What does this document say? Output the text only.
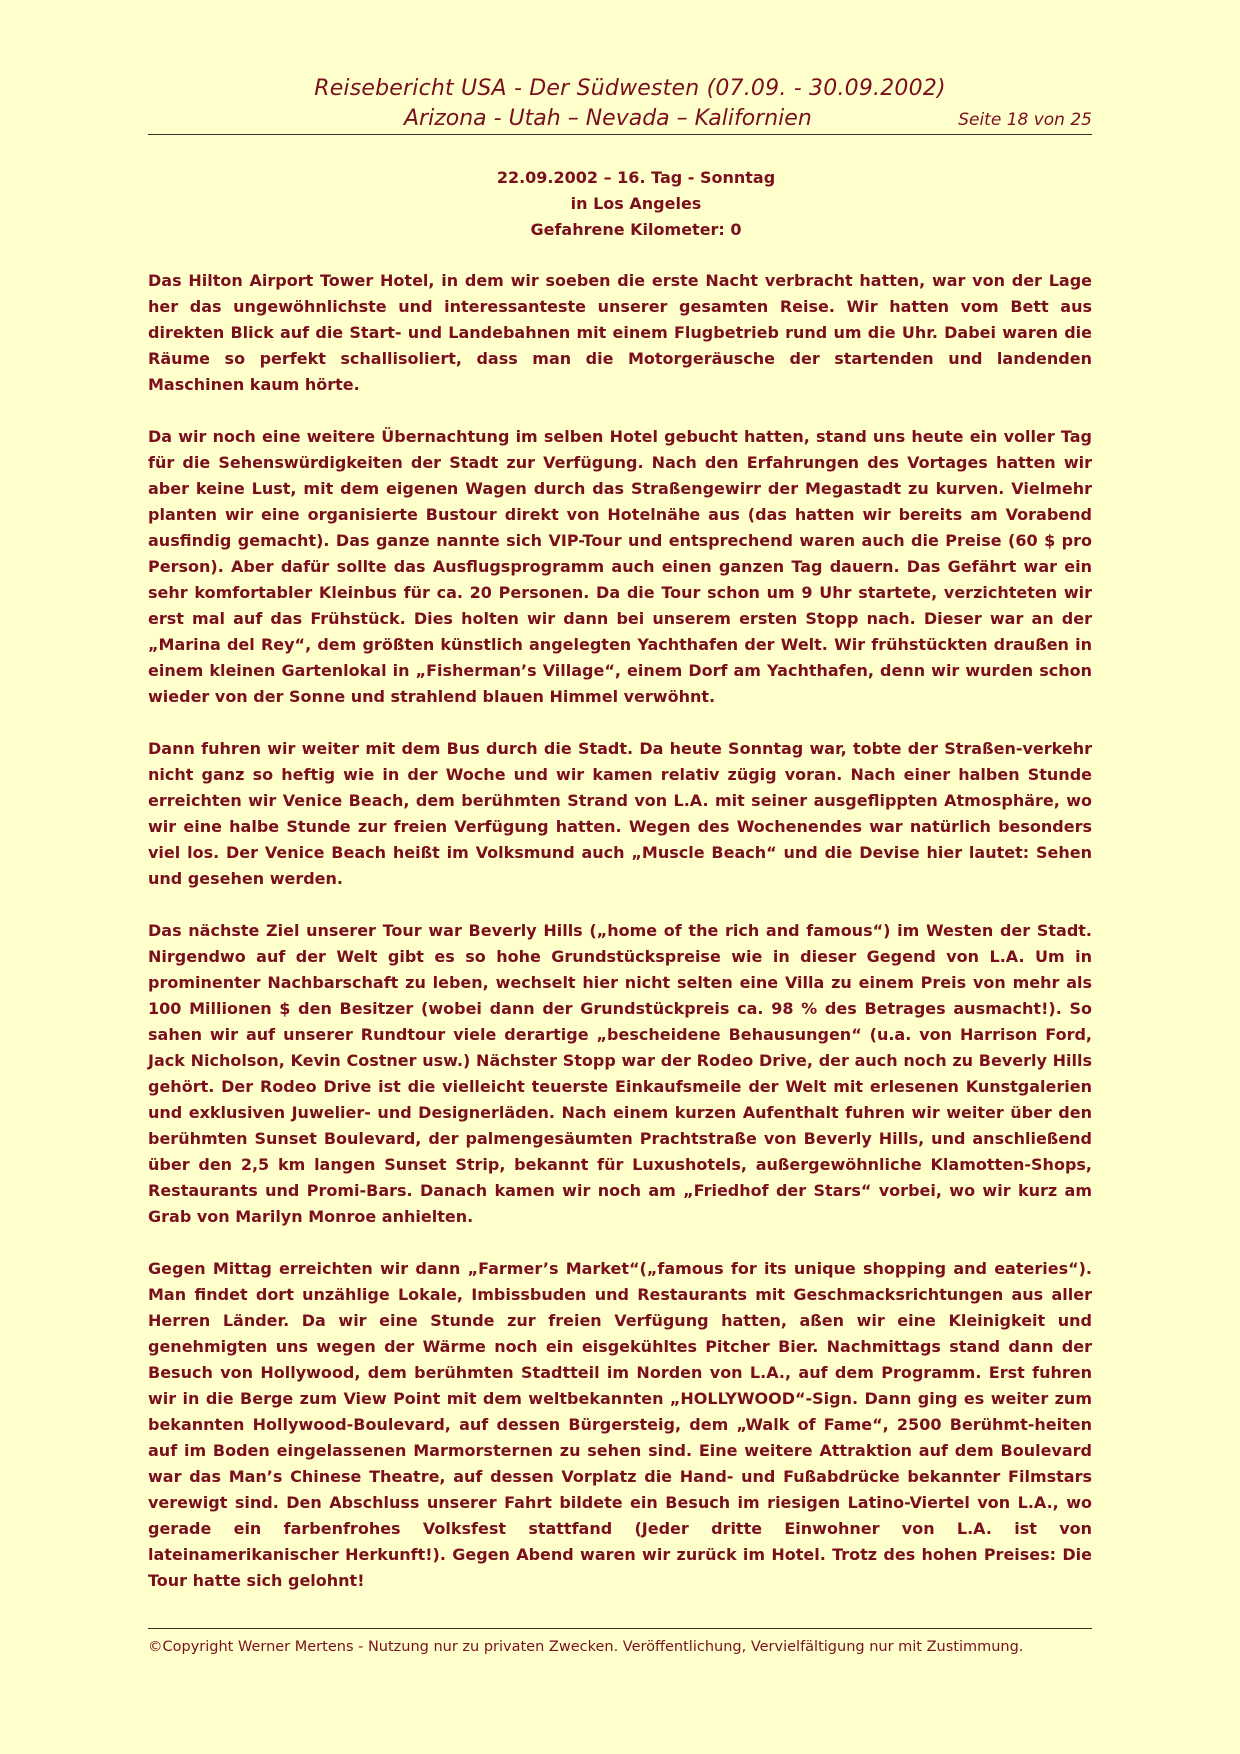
Reisebericht USA - Der Südwesten (07.09. - 30.09.2002)
Arizona - Utah – Nevada – Kalifornien	Seite 18 von 25
22.09.2002 – 16. Tag - Sonntag
in Los Angeles
Gefahrene Kilometer: 0

Das Hilton Airport Tower Hotel, in dem wir soeben die erste Nacht verbracht hatten, war von der Lage her das ungewöhnlichste und interessanteste unserer gesamten Reise. Wir hatten vom Bett aus direkten Blick auf die Start- und Landebahnen mit einem Flugbetrieb rund um die Uhr. Dabei waren die Räume so perfekt schallisoliert, dass man die Motorgeräusche der startenden und landenden Maschinen kaum hörte.

Da wir noch eine weitere Übernachtung im selben Hotel gebucht hatten, stand uns heute ein voller Tag für die Sehenswürdigkeiten der Stadt zur Verfügung. Nach den Erfahrungen des Vortages hatten wir aber keine Lust, mit dem eigenen Wagen durch das Straßengewirr der Megastadt zu kurven. Vielmehr planten wir eine organisierte Bustour direkt von Hotelnähe aus (das hatten wir bereits am Vorabend ausfindig gemacht). Das ganze nannte sich VIP-Tour und entsprechend waren auch die Preise (60 $ pro Person). Aber dafür sollte das Ausflugsprogramm auch einen ganzen Tag dauern. Das Gefährt war ein sehr komfortabler Kleinbus für ca. 20 Personen. Da die Tour schon um 9 Uhr startete, verzichteten wir erst mal auf das Frühstück. Dies holten wir dann bei unserem ersten Stopp nach. Dieser war an der „Marina del Rey“, dem größten künstlich angelegten Yachthafen der Welt. Wir frühstückten draußen in einem kleinen Gartenlokal in „Fisherman’s Village“, einem Dorf am Yachthafen, denn wir wurden schon wieder von der Sonne und strahlend blauen Himmel verwöhnt.

Dann fuhren wir weiter mit dem Bus durch die Stadt. Da heute Sonntag war, tobte der Straßen-verkehr nicht ganz so heftig wie in der Woche und wir kamen relativ zügig voran. Nach einer halben Stunde erreichten wir Venice Beach, dem berühmten Strand von L.A. mit seiner ausgeflippten Atmosphäre, wo wir eine halbe Stunde zur freien Verfügung hatten. Wegen des Wochenendes war natürlich besonders viel los. Der Venice Beach heißt im Volksmund auch „Muscle Beach“ und die Devise hier lautet: Sehen und gesehen werden.

Das nächste Ziel unserer Tour war Beverly Hills („home of the rich and famous“) im Westen der Stadt. Nirgendwo auf der Welt gibt es so hohe Grundstückspreise wie in dieser Gegend von L.A. Um in prominenter Nachbarschaft zu leben, wechselt hier nicht selten eine Villa zu einem Preis von mehr als 100 Millionen $ den Besitzer (wobei dann der Grundstückpreis ca. 98 % des Betrages ausmacht!). So sahen wir auf unserer Rundtour viele derartige „bescheidene Behausungen“ (u.a. von Harrison Ford, Jack Nicholson, Kevin Costner usw.) Nächster Stopp war der Rodeo Drive, der auch noch zu Beverly Hills gehört. Der Rodeo Drive ist die vielleicht teuerste Einkaufsmeile der Welt mit erlesenen Kunstgalerien und exklusiven Juwelier- und Designerläden. Nach einem kurzen Aufenthalt fuhren wir weiter über den berühmten Sunset Boulevard, der palmengesäumten Prachtstraße von Beverly Hills, und anschließend über den 2,5 km langen Sunset Strip, bekannt für Luxushotels, außergewöhnliche Klamotten-Shops, Restaurants und Promi-Bars. Danach kamen wir noch am „Friedhof der Stars“ vorbei, wo wir kurz am Grab von Marilyn Monroe anhielten.

Gegen Mittag erreichten wir dann „Farmer’s Market“(„famous for its unique shopping and eateries“). Man findet dort unzählige Lokale, Imbissbuden und Restaurants mit Geschmacksrichtungen aus aller Herren Länder. Da wir eine Stunde zur freien Verfügung hatten, aßen wir eine Kleinigkeit und genehmigten uns wegen der Wärme noch ein eisgekühltes Pitcher Bier. Nachmittags stand dann der Besuch von Hollywood, dem berühmten Stadtteil im Norden von L.A., auf dem Programm. Erst fuhren wir in die Berge zum View Point mit dem weltbekannten „HOLLYWOOD“-Sign. Dann ging es weiter zum bekannten Hollywood-Boulevard, auf dessen Bürgersteig, dem „Walk of Fame“, 2500 Berühmt-heiten auf im Boden eingelassenen Marmorsternen zu sehen sind. Eine weitere Attraktion auf dem Boulevard war das Man’s Chinese Theatre, auf dessen Vorplatz die Hand- und Fußabdrücke bekannter Filmstars verewigt sind. Den Abschluss unserer Fahrt bildete ein Besuch im riesigen Latino-Viertel von L.A., wo gerade ein farbenfrohes Volksfest stattfand (Jeder dritte Einwohner von L.A. ist von lateinamerikanischer Herkunft!). Gegen Abend waren wir zurück im Hotel. Trotz des hohen Preises: Die Tour hatte sich gelohnt!

©Copyright Werner Mertens - Nutzung nur zu privaten Zwecken. Veröffentlichung, Vervielfältigung nur mit Zustimmung.
